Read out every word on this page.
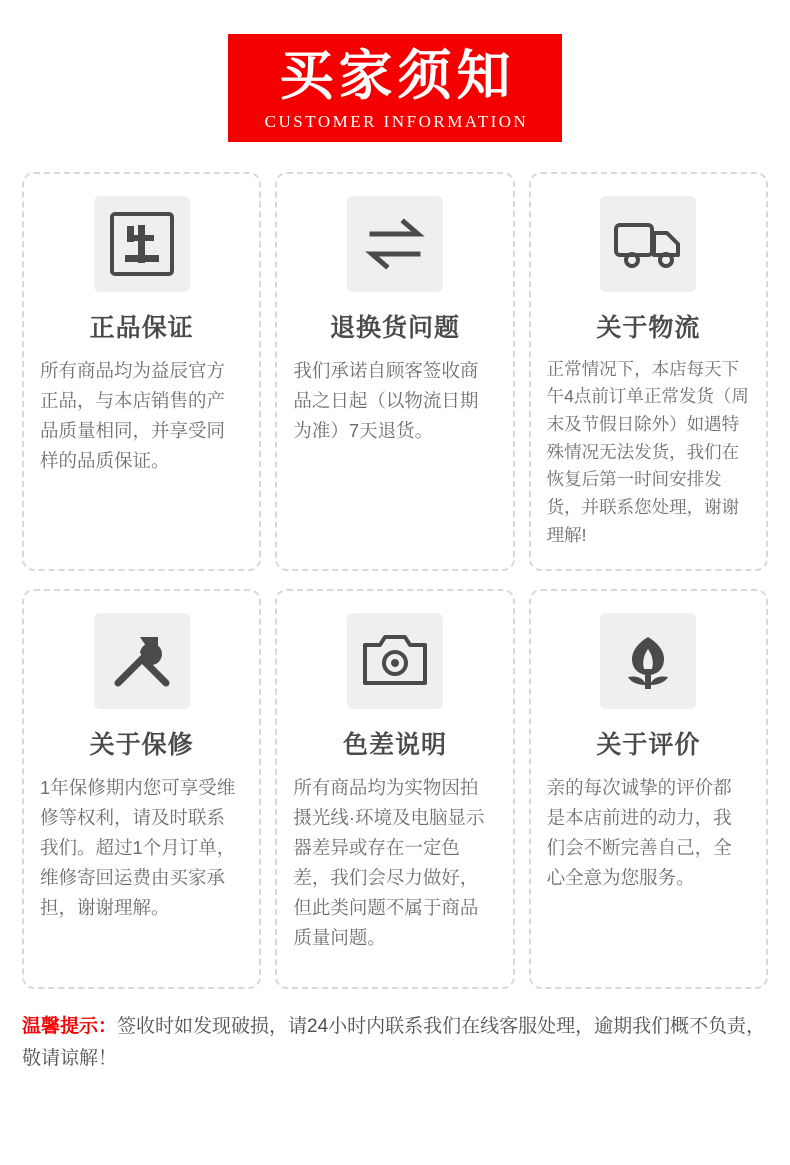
买家须知
CUSTOMER INFORMATION
正品保证
所有商品均为益辰官方正品，与本店销售的产品质量相同，并享受同样的品质保证。
退换货问题
我们承诺自顾客签收商品之日起（以物流日期为准）7天退货。
关于物流
正常情况下，本店每天下午4点前订单正常发货（周末及节假日除外）如遇特殊情况无法发货，我们在恢复后第一时间安排发货，并联系您处理，谢谢理解!
关于保修
1年保修期内您可享受维修等权利，请及时联系我们。超过1个月订单，维修寄回运费由买家承担，谢谢理解。
色差说明
所有商品均为实物因拍摄光线·环境及电脑显示器差异或存在一定色差，我们会尽力做好，但此类问题不属于商品质量问题。
关于评价
亲的每次诚挚的评价都是本店前进的动力，我们会不断完善自己，全心全意为您服务。
温馨提示：签收时如发现破损，请24小时内联系我们在线客服处理，逾期我们概不负责，敬请谅解！
